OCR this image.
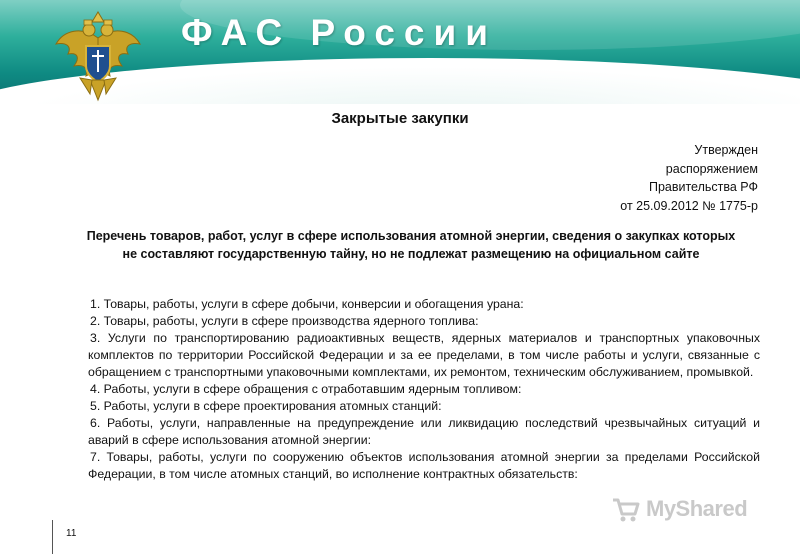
ФАС России
Закрытые закупки
Утвержден
распоряжением
Правительства РФ
от 25.09.2012 № 1775-р
Перечень товаров, работ, услуг в сфере использования атомной энергии, сведения о закупках которых не составляют государственную тайну, но не подлежат размещению на официальном сайте

1. Товары, работы, услуги в сфере добычи, конверсии и обогащения урана:

2. Товары, работы, услуги в сфере производства ядерного топлива:

3. Услуги по транспортированию радиоактивных веществ, ядерных материалов и транспортных упаковочных комплектов по территории Российской Федерации и за ее пределами, в том числе работы и услуги, связанные с обращением с транспортными упаковочными комплектами, их ремонтом, техническим обслуживанием, промывкой.

4. Работы, услуги в сфере обращения с отработавшим ядерным топливом:

5. Работы, услуги в сфере проектирования атомных станций:

6. Работы, услуги, направленные на предупреждение или ликвидацию последствий чрезвычайных ситуаций и аварий в сфере использования атомной энергии:

7. Товары, работы, услуги по сооружению объектов использования атомной энергии за пределами Российской Федерации, в том числе атомных станций, во исполнение контрактных обязательств:

11
MyShared
